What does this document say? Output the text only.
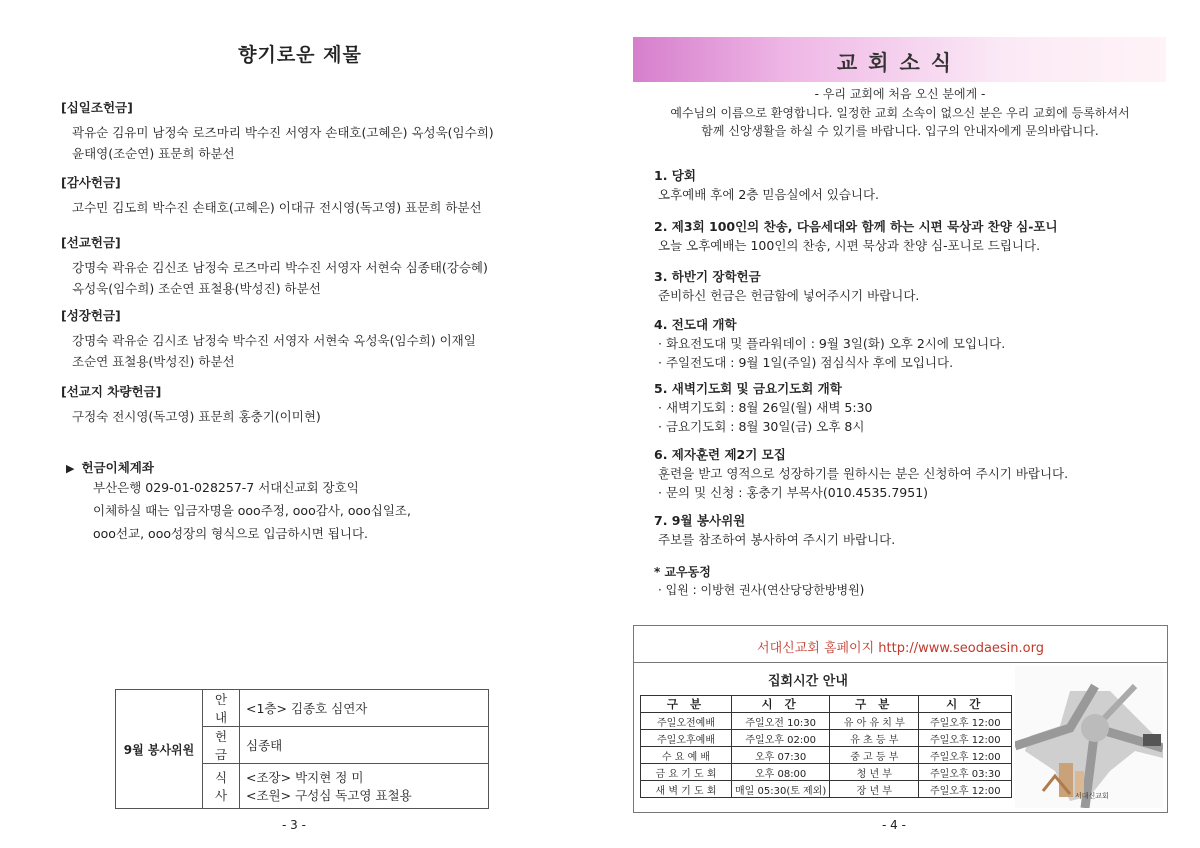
향기로운 제물
[십일조헌금]
곽유순 김유미 남정숙 로즈마리 박수진 서영자 손태호(고혜은) 옥성욱(임수희)
윤태영(조순연) 표문희 하분선
[감사헌금]
고수민 김도희 박수진 손태호(고혜은) 이대규 전시영(독고영) 표문희 하분선
[선교헌금]
강명숙 곽유순 김신조 남정숙 로즈마리 박수진 서영자 서현숙 심종태(강승혜)
옥성욱(임수희) 조순연 표철용(박성진) 하분선
[성장헌금]
강명숙 곽유순 김시조 남정숙 박수진 서영자 서현숙 옥성욱(임수희) 이재일
조순연 표철용(박성진) 하분선
[선교지 차량헌금]
구정숙 전시영(독고영) 표문희 홍충기(이미현)
▶ 헌금이체계좌
부산은행 029-01-028257-7 서대신교회 장호익
이체하실 때는 입금자명을 ooo주정, ooo감사, ooo십일조,
ooo선교, ooo성장의 형식으로 입금하시면 됩니다.
9월 봉사위원	안내	<1층> 김종호 심연자
	헌금	심종태
	식사	<조장> 박지현 정 미
		<조원> 구성심 독고영 표철용
- 3 -
교회소식
- 우리 교회에 처음 오신 분에게 -
예수님의 이름으로 환영합니다. 일정한 교회 소속이 없으신 분은 우리 교회에 등록하셔서
함께 신앙생활을 하실 수 있기를 바랍니다. 입구의 안내자에게 문의바랍니다.
1. 당회
오후예배 후에 2층 믿음실에서 있습니다.
2. 제3회 100인의 찬송, 다음세대와 함께 하는 시편 묵상과 찬양 심-포니
오늘 오후예배는 100인의 찬송, 시편 묵상과 찬양 심-포니로 드립니다.
3. 하반기 장학헌금
준비하신 헌금은 헌금함에 넣어주시기 바랍니다.
4. 전도대 개학
· 화요전도대 및 플라워데이 : 9월 3일(화) 오후 2시에 모입니다.
· 주일전도대 : 9월 1일(주일) 점심식사 후에 모입니다.
5. 새벽기도회 및 금요기도회 개학
· 새벽기도회 : 8월 26일(월) 새벽 5:30
· 금요기도회 : 8월 30일(금) 오후 8시
6. 제자훈련 제2기 모집
훈련을 받고 영적으로 성장하기를 원하시는 분은 신청하여 주시기 바랍니다.
· 문의 및 신청 : 홍충기 부목사(010.4535.7951)
7. 9월 봉사위원
주보를 참조하여 봉사하여 주시기 바랍니다.
* 교우동정
· 입원 : 이방현 권사(연산당당한방병원)
서대신교회 홈페이지 http://www.seodaesin.org
집회시간 안내
구 분	시 간	구 분	시 간
주일오전예배	주일오전 10:30	유 아 유 치 부	주일오후 12:00
주일오후예배	주일오후 02:00	유 초 등 부	주일오후 12:00
수 요 예 배	오후 07:30	중 고 등 부	주일오후 12:00
금 요 기 도 회	오후 08:00	청 년 부	주일오후 03:30
새 벽 기 도 회	매일 05:30(토 제외)	장 년 부	주일오후 12:00	서대신교회
- 4 -
